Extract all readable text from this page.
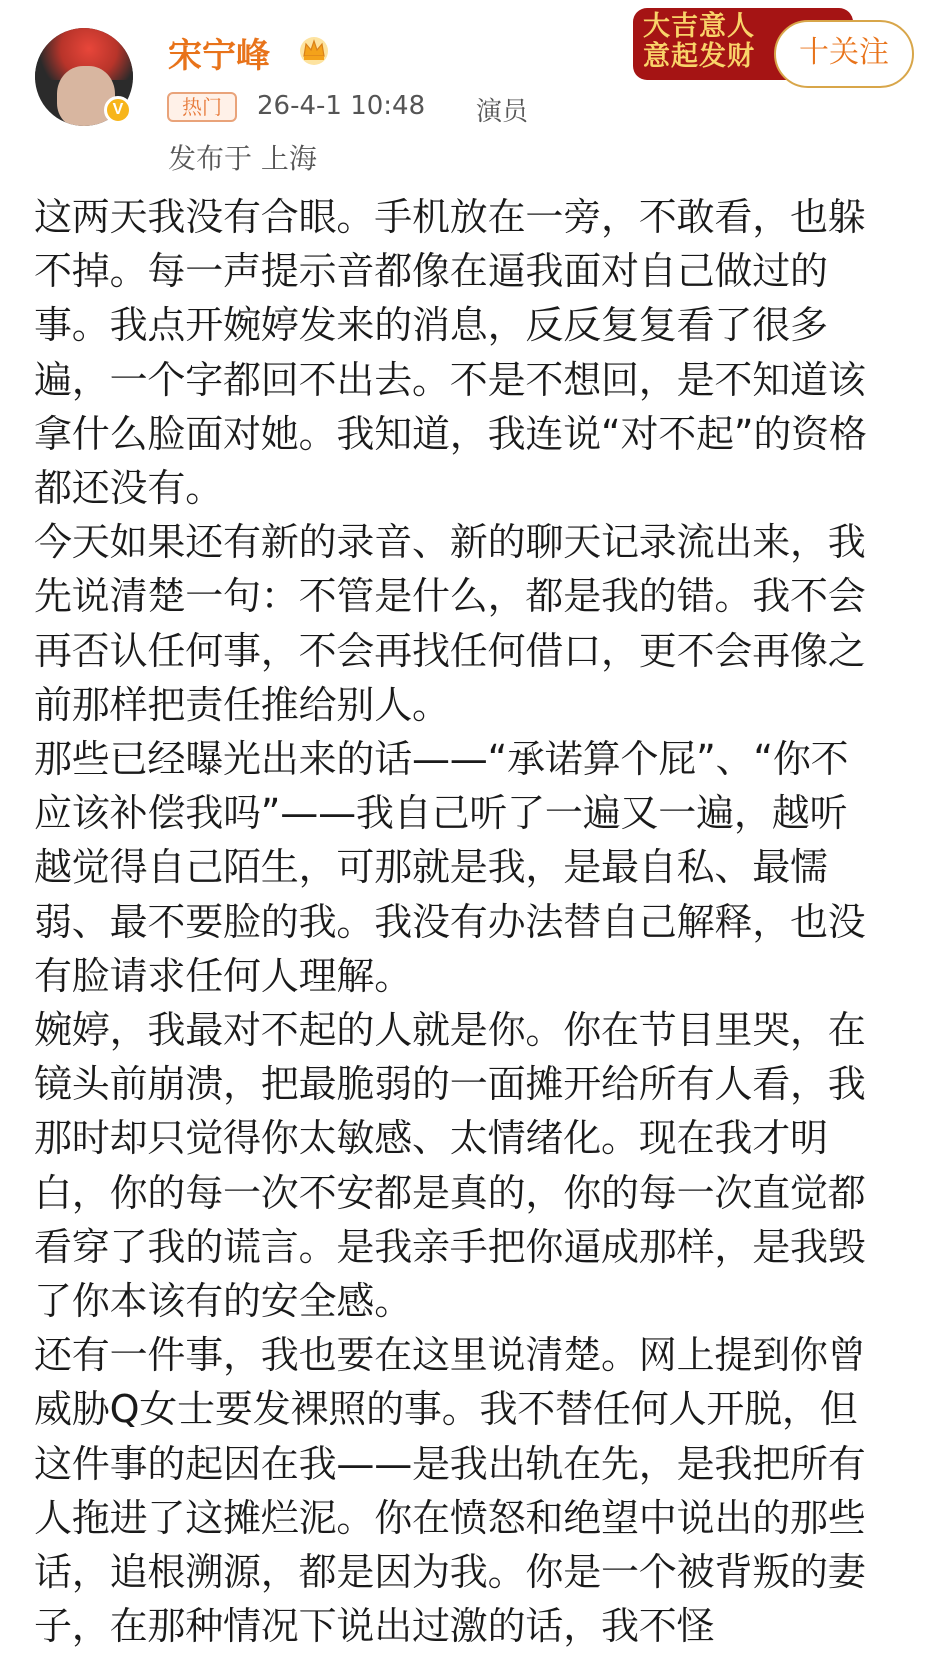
V
宋宁峰
热门	26-4-1 10:48 演员
发布于 上海
大吉意人
意起发财	十关注

这两天我没有合眼。手机放在一旁，不敢看，也躲
不掉。每一声提示音都像在逼我面对自己做过的
事。我点开婉婷发来的消息，反反复复看了很多
遍，一个字都回不出去。不是不想回，是不知道该
拿什么脸面对她。我知道，我连说“对不起”的资格
都还没有。

今天如果还有新的录音、新的聊天记录流出来，我
先说清楚一句：不管是什么，都是我的错。我不会
再否认任何事，不会再找任何借口，更不会再像之
前那样把责任推给别人。

那些已经曝光出来的话——“承诺算个屁”、“你不
应该补偿我吗”——我自己听了一遍又一遍，越听
越觉得自己陌生，可那就是我，是最自私、最懦
弱、最不要脸的我。我没有办法替自己解释，也没
有脸请求任何人理解。

婉婷，我最对不起的人就是你。你在节目里哭，在
镜头前崩溃，把最脆弱的一面摊开给所有人看，我
那时却只觉得你太敏感、太情绪化。现在我才明
白，你的每一次不安都是真的，你的每一次直觉都
看穿了我的谎言。是我亲手把你逼成那样，是我毁
了你本该有的安全感。

还有一件事，我也要在这里说清楚。网上提到你曾
威胁Q女士要发裸照的事。我不替任何人开脱，但
这件事的起因在我——是我出轨在先，是我把所有
人拖进了这摊烂泥。你在愤怒和绝望中说出的那些
话，追根溯源，都是因为我。你是一个被背叛的妻
子，在那种情况下说出过激的话，我不怪
